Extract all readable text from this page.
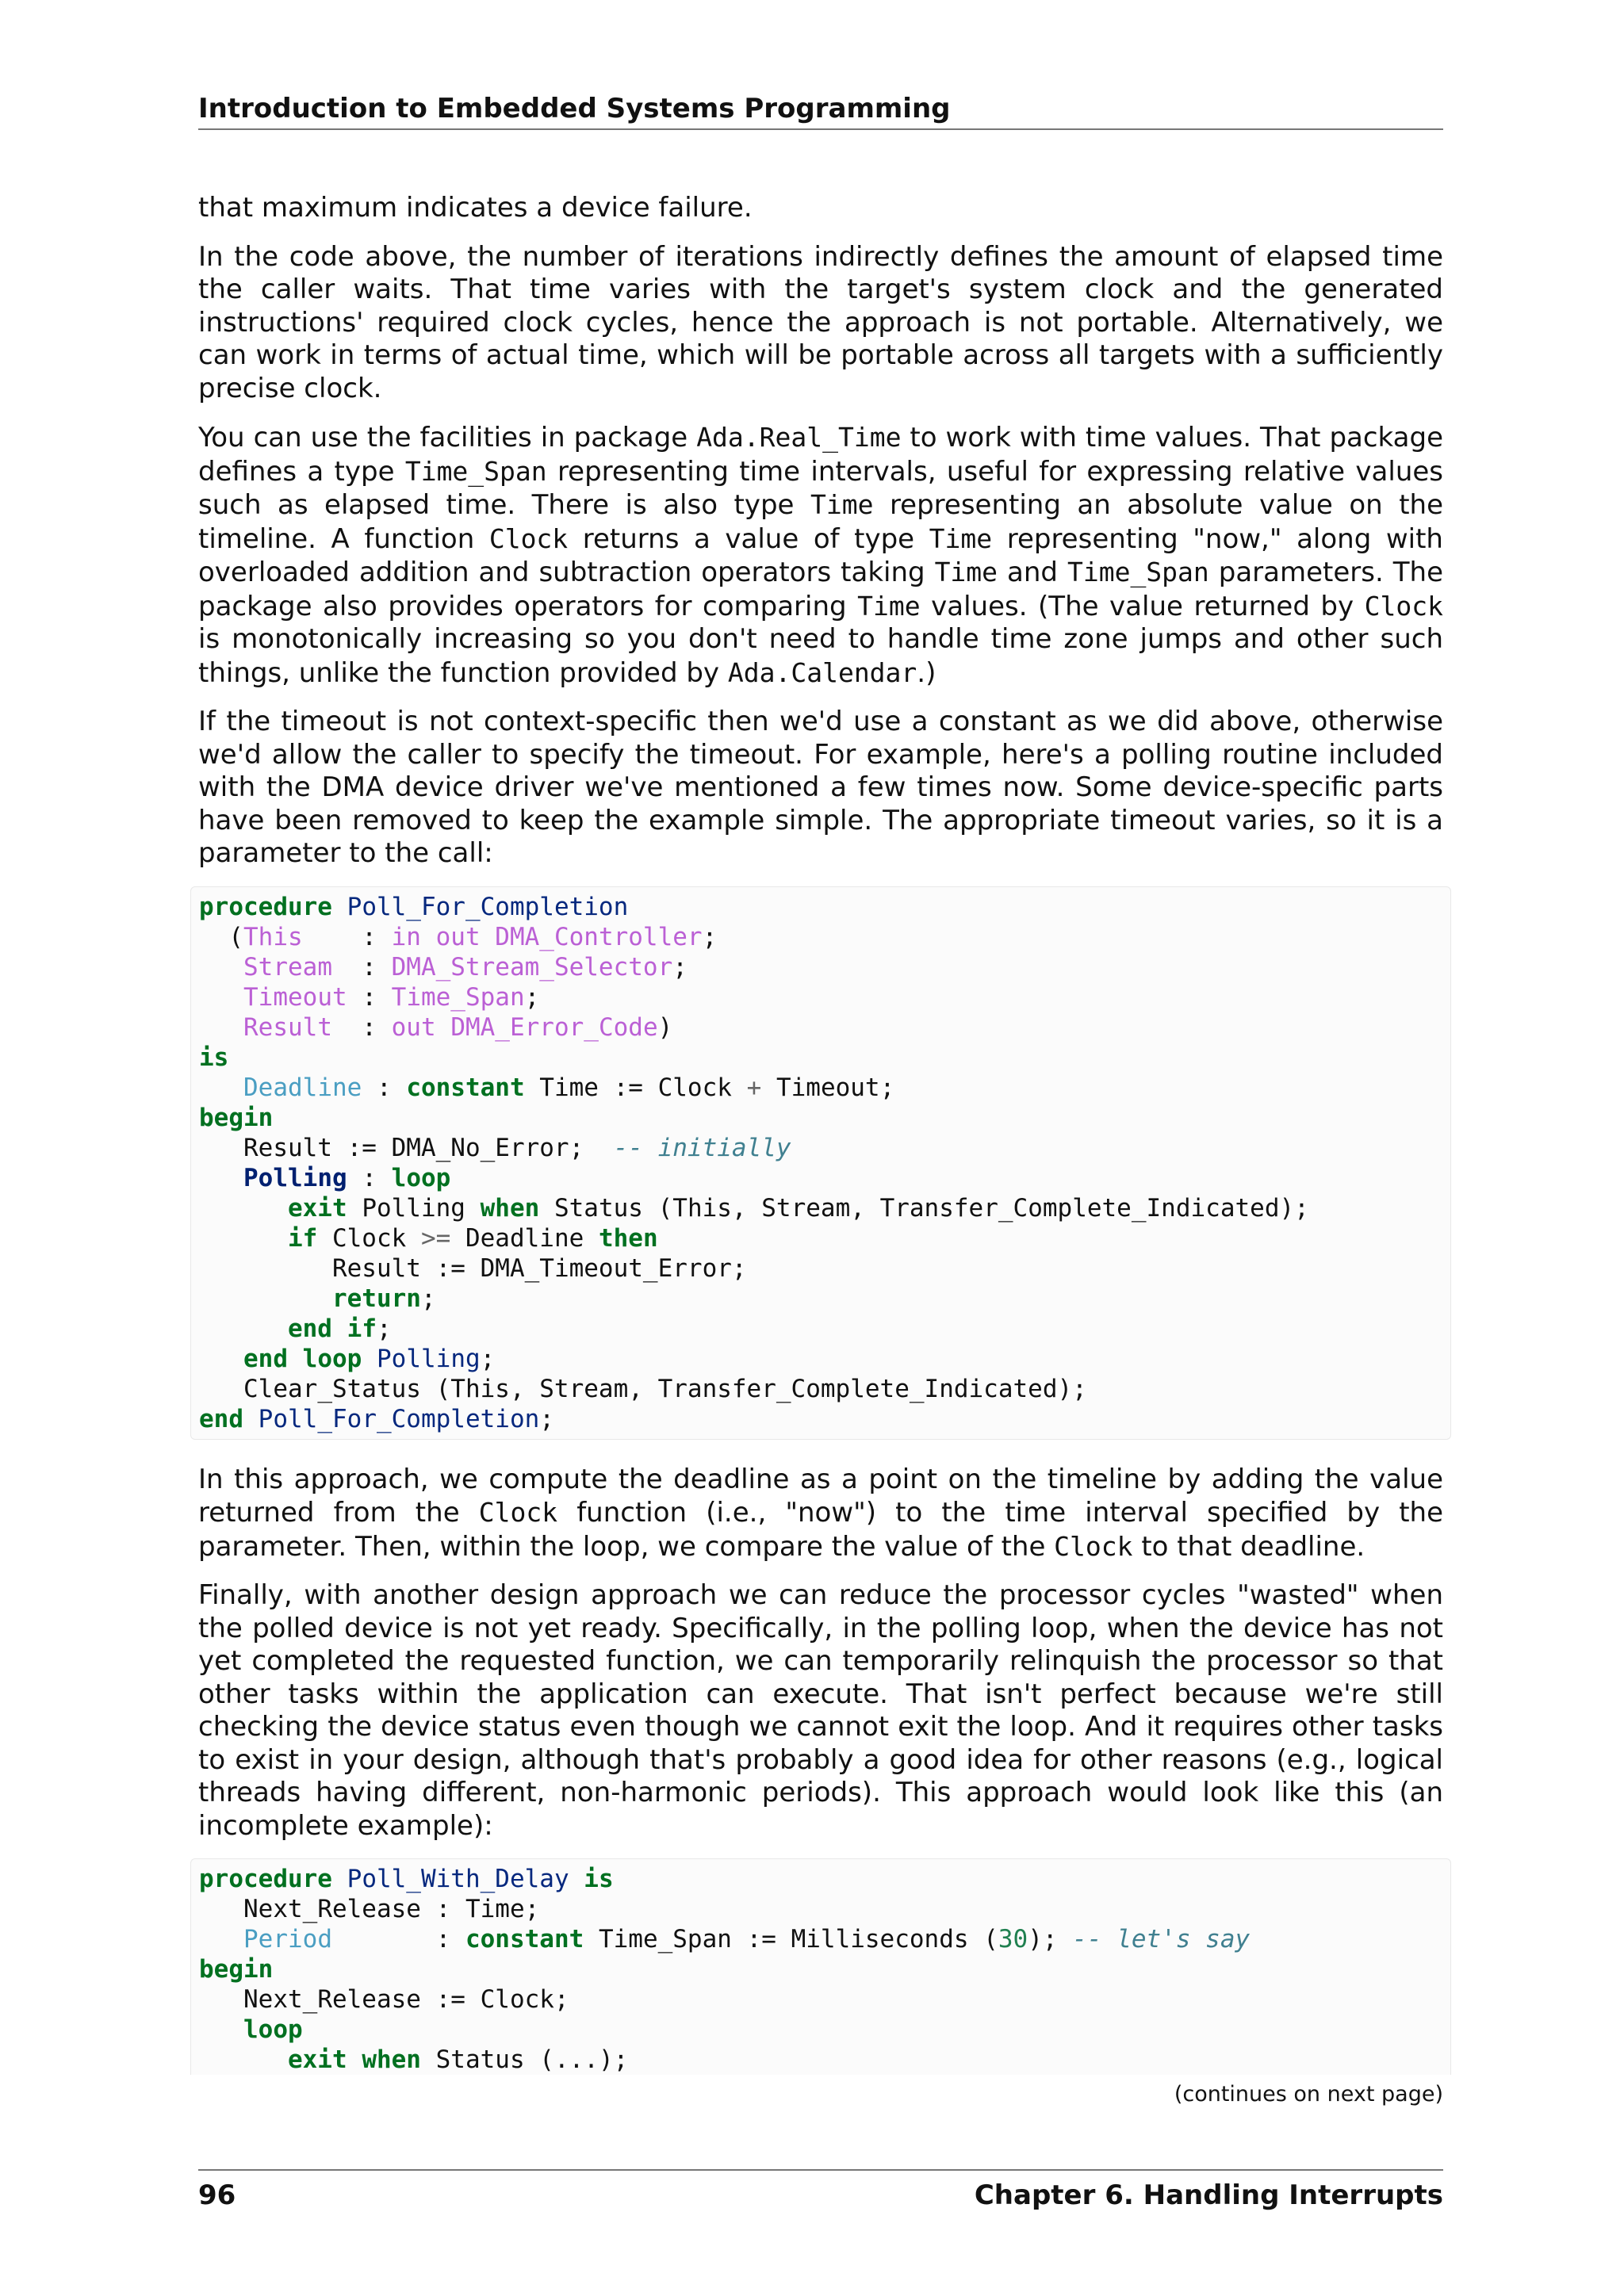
Introduction to Embedded Systems Programming

that maximum indicates a device failure.

In the code above, the number of iterations indirectly defines the amount of elapsed time the caller waits. That time varies with the target's system clock and the generated instructions' required clock cycles, hence the approach is not portable. Alternatively, we can work in terms of actual time, which will be portable across all targets with a sufficiently precise clock.

You can use the facilities in package Ada.Real_Time to work with time values. That package defines a type Time_Span representing time intervals, useful for expressing relative values such as elapsed time. There is also type Time representing an absolute value on the timeline. A function Clock returns a value of type Time representing "now," along with overloaded addition and subtraction operators taking Time and Time_Span parameters. The package also provides operators for comparing Time values. (The value returned by Clock is monotonically increasing so you don't need to handle time zone jumps and other such things, unlike the function provided by Ada.Calendar.)

If the timeout is not context-specific then we'd use a constant as we did above, otherwise we'd allow the caller to specify the timeout. For example, here's a polling routine included with the DMA device driver we've mentioned a few times now. Some device-specific parts have been removed to keep the example simple. The appropriate timeout varies, so it is a parameter to the call:

procedure Poll_For_Completion
(This    : in out DMA_Controller;
Stream  : DMA_Stream_Selector;
Timeout : Time_Span;
Result  : out DMA_Error_Code)
is
Deadline : constant Time := Clock + Timeout;
begin
Result := DMA_No_Error; -- initially
Polling : loop
exit Polling when Status (This, Stream, Transfer_Complete_Indicated);
if Clock >= Deadline then
Result := DMA_Timeout_Error;
return;
end if;
end loop Polling;
Clear_Status (This, Stream, Transfer_Complete_Indicated);
end Poll_For_Completion;

In this approach, we compute the deadline as a point on the timeline by adding the value returned from the Clock function (i.e., "now") to the time interval specified by the parameter. Then, within the loop, we compare the value of the Clock to that deadline.

Finally, with another design approach we can reduce the processor cycles "wasted" when the polled device is not yet ready. Specifically, in the polling loop, when the device has not yet completed the requested function, we can temporarily relinquish the processor so that other tasks within the application can execute. That isn't perfect because we're still checking the device status even though we cannot exit the loop. And it requires other tasks to exist in your design, although that's probably a good idea for other reasons (e.g., logical threads having different, non-harmonic periods). This approach would look like this (an incomplete example):

procedure Poll_With_Delay is
Next_Release : Time;
Period       : constant Time_Span := Milliseconds (30); -- let's say
begin
Next_Release := Clock;
loop
exit when Status (...);
(continues on next page)
96	Chapter 6. Handling Interrupts
